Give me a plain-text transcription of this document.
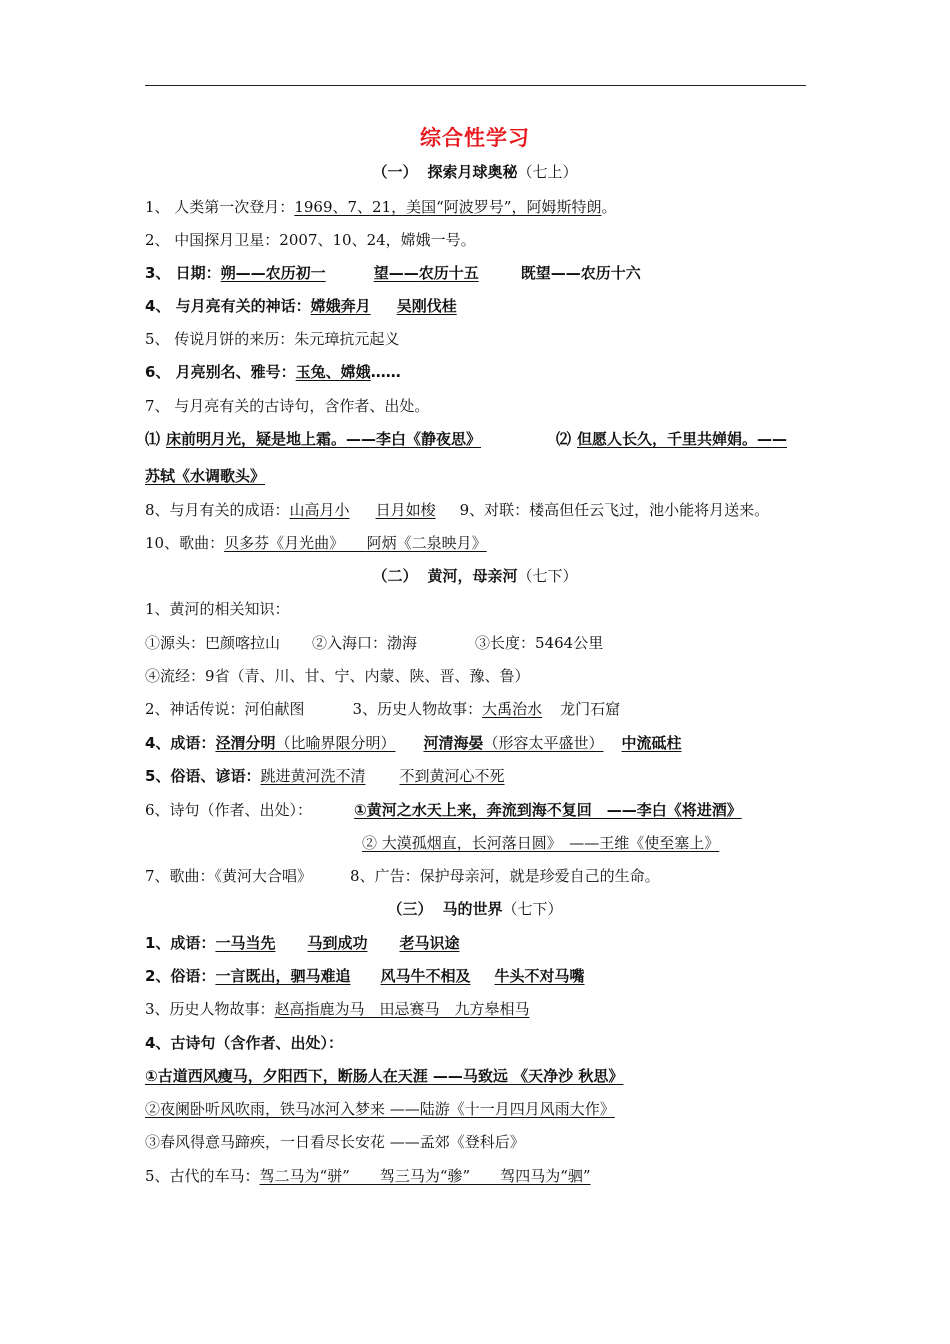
综合性学习
（一） 探索月球奥秘（七上）
1、 人类第一次登月：1969、7、21，美国“阿波罗号”，阿姆斯特朗。
2、 中国探月卫星：2007、10、24，嫦娥一号。
3、 日期：朔——农历初一	望——农历十五	既望——农历十六
4、 与月亮有关的神话：嫦娥奔月 吴刚伐桂
5、 传说月饼的来历：朱元璋抗元起义
6、 月亮别名、雅号：玉兔、嫦娥……
7、 与月亮有关的古诗句，含作者、出处。
⑴ 床前明月光，疑是地上霜。——李白《静夜思》	⑵ 但愿人长久，千里共婵娟。——
苏轼《水调歌头》
8、与月有关的成语：山高月小 日月如梭 9、对联：楼高但任云飞过，池小能将月送来。
10、歌曲：贝多芬《月光曲》　　 阿炳《二泉映月》
（二） 黄河，母亲河（七下）
1、黄河的相关知识：
①源头：巴颜喀拉山 ②入海口：渤海	③长度：5464公里
④流经：9省（青、川、甘、宁、内蒙、陕、晋、豫、鲁）
2、神话传说：河伯献图	3、历史人物故事：大禹治水 龙门石窟
4、成语：泾渭分明（比喻界限分明） 河清海晏（形容太平盛世） 中流砥柱
5、俗语、谚语：跳进黄河洗不清 不到黄河心不死
6、诗句（作者、出处）：	①黄河之水天上来，奔流到海不复回　——李白《将进酒》
② 大漠孤烟直，长河落日圆》　——王维《使至塞上》
7、歌曲：《黄河大合唱》	8、广告：保护母亲河，就是珍爱自己的生命。
（三） 马的世界（七下）
1、成语：一马当先 马到成功 老马识途
2、俗语：一言既出，驷马难追 风马牛不相及 牛头不对马嘴
3、历史人物故事：赵高指鹿为马　田忌赛马　九方皋相马
4、古诗句（含作者、出处）：
①古道西风瘦马，夕阳西下，断肠人在天涯 ——马致远 《天净沙 秋思》
②夜阑卧听风吹雨，铁马冰河入梦来 ——陆游《十一月四月风雨大作》
③春风得意马蹄疾，一日看尽长安花 ——孟郊《登科后》
5、古代的车马：驾二马为“骈”　　驾三马为“骖”　　驾四马为“驷”
